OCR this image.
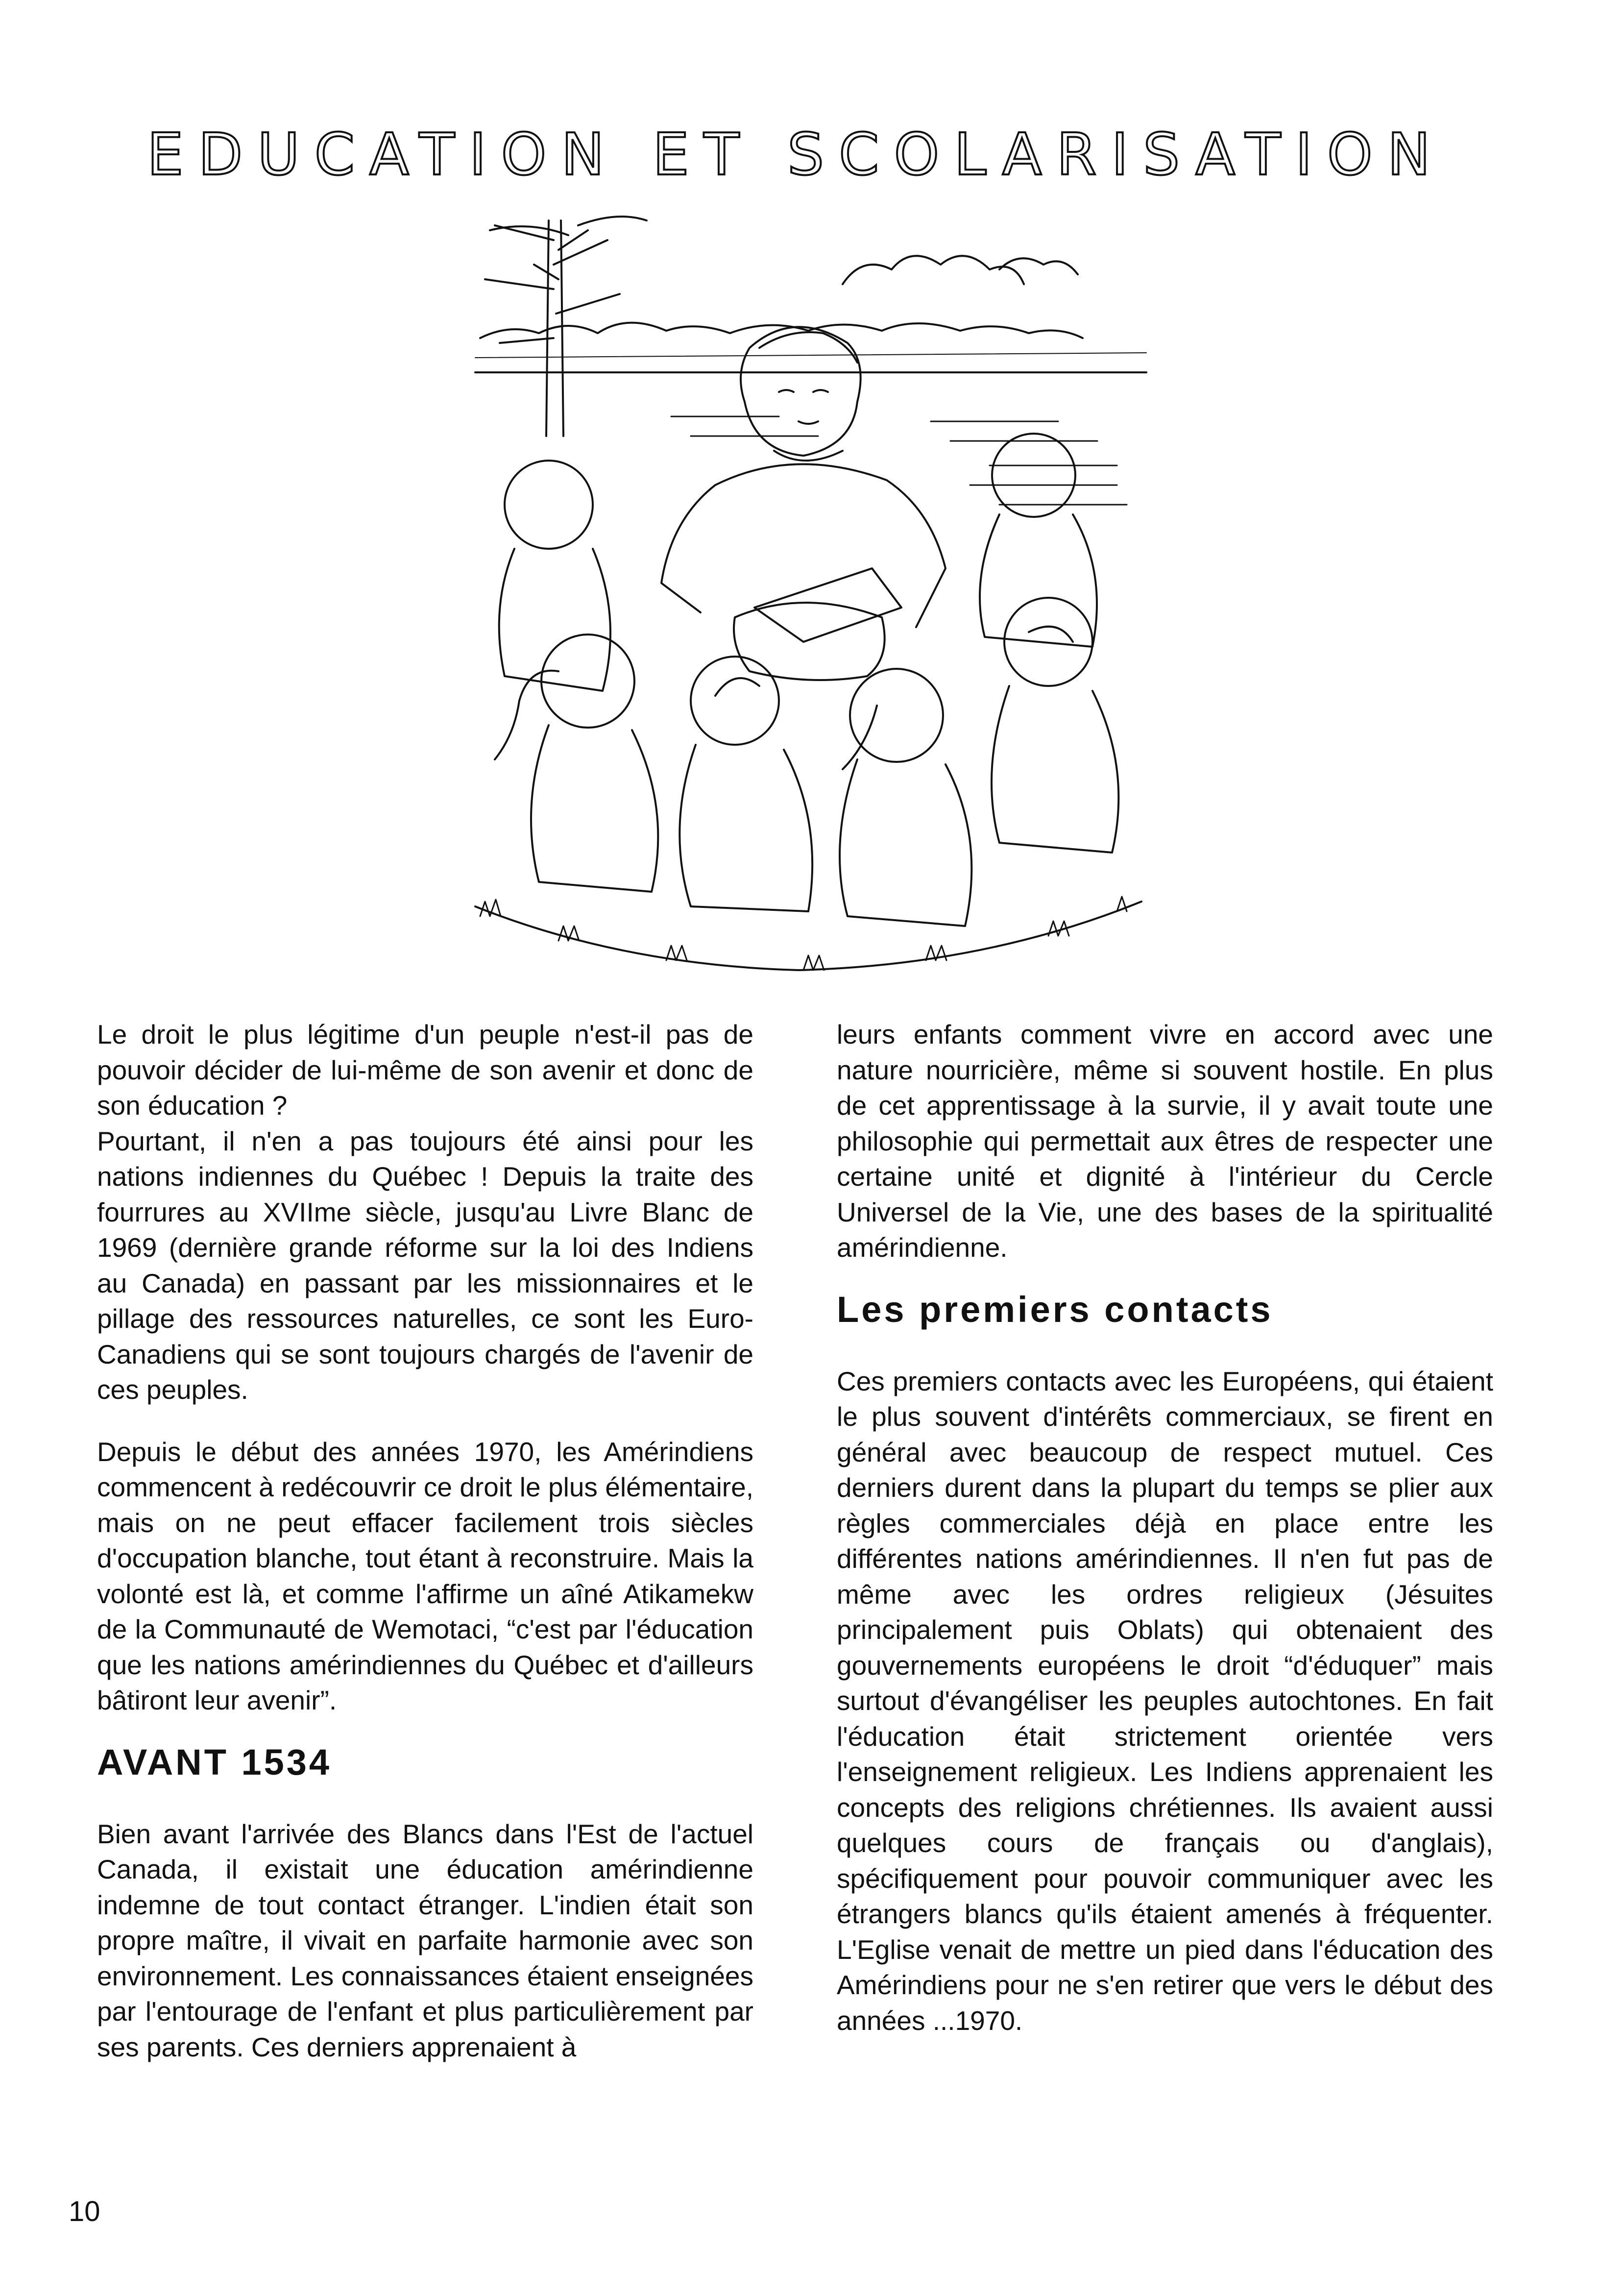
EDUCATION ET SCOLARISATION

Le droit le plus légitime d'un peuple n'est-il pas de pouvoir décider de lui-même de son avenir et donc de son éducation ?

Pourtant, il n'en a pas toujours été ainsi pour les nations indiennes du Québec ! Depuis la traite des fourrures au XVIIme siècle, jusqu'au Livre Blanc de 1969 (dernière grande réforme sur la loi des Indiens au Canada) en passant par les missionnaires et le pillage des ressources naturelles, ce sont les Euro-Canadiens qui se sont toujours chargés de l'avenir de ces peuples.

Depuis le début des années 1970, les Amérindiens commencent à redécouvrir ce droit le plus élémentaire, mais on ne peut effacer facilement trois siècles d'occupation blanche, tout étant à reconstruire. Mais la volonté est là, et comme l'affirme un aîné Atikamekw de la Communauté de Wemotaci, “c'est par l'éducation que les nations amérindiennes du Québec et d'ailleurs bâtiront leur avenir”.

AVANT 1534

Bien avant l'arrivée des Blancs dans l'Est de l'actuel Canada, il existait une éducation amérindienne indemne de tout contact étranger. L'indien était son propre maître, il vivait en parfaite harmonie avec son environnement. Les connaissances étaient enseignées par l'entourage de l'enfant et plus particulièrement par ses parents. Ces derniers apprenaient à

leurs enfants comment vivre en accord avec une nature nourricière, même si souvent hostile. En plus de cet apprentissage à la survie, il y avait toute une philosophie qui permettait aux êtres de respecter une certaine unité et dignité à l'intérieur du Cercle Universel de la Vie, une des bases de la spiritualité amérindienne.

Les premiers contacts

Ces premiers contacts avec les Européens, qui étaient le plus souvent d'intérêts commerciaux, se firent en général avec beaucoup de respect mutuel. Ces derniers durent dans la plupart du temps se plier aux règles commerciales déjà en place entre les différentes nations amérindiennes. Il n'en fut pas de même avec les ordres religieux (Jésuites principalement puis Oblats) qui obtenaient des gouvernements européens le droit “d'éduquer” mais surtout d'évangéliser les peuples autochtones. En fait l'éducation était strictement orientée vers l'enseignement religieux. Les Indiens apprenaient les concepts des religions chrétiennes. Ils avaient aussi quelques cours de français ou d'anglais), spécifiquement pour pouvoir communiquer avec les étrangers blancs qu'ils étaient amenés à fréquenter. L'Eglise venait de mettre un pied dans l'éducation des Amérindiens pour ne s'en retirer que vers le début des années ...1970.

10
